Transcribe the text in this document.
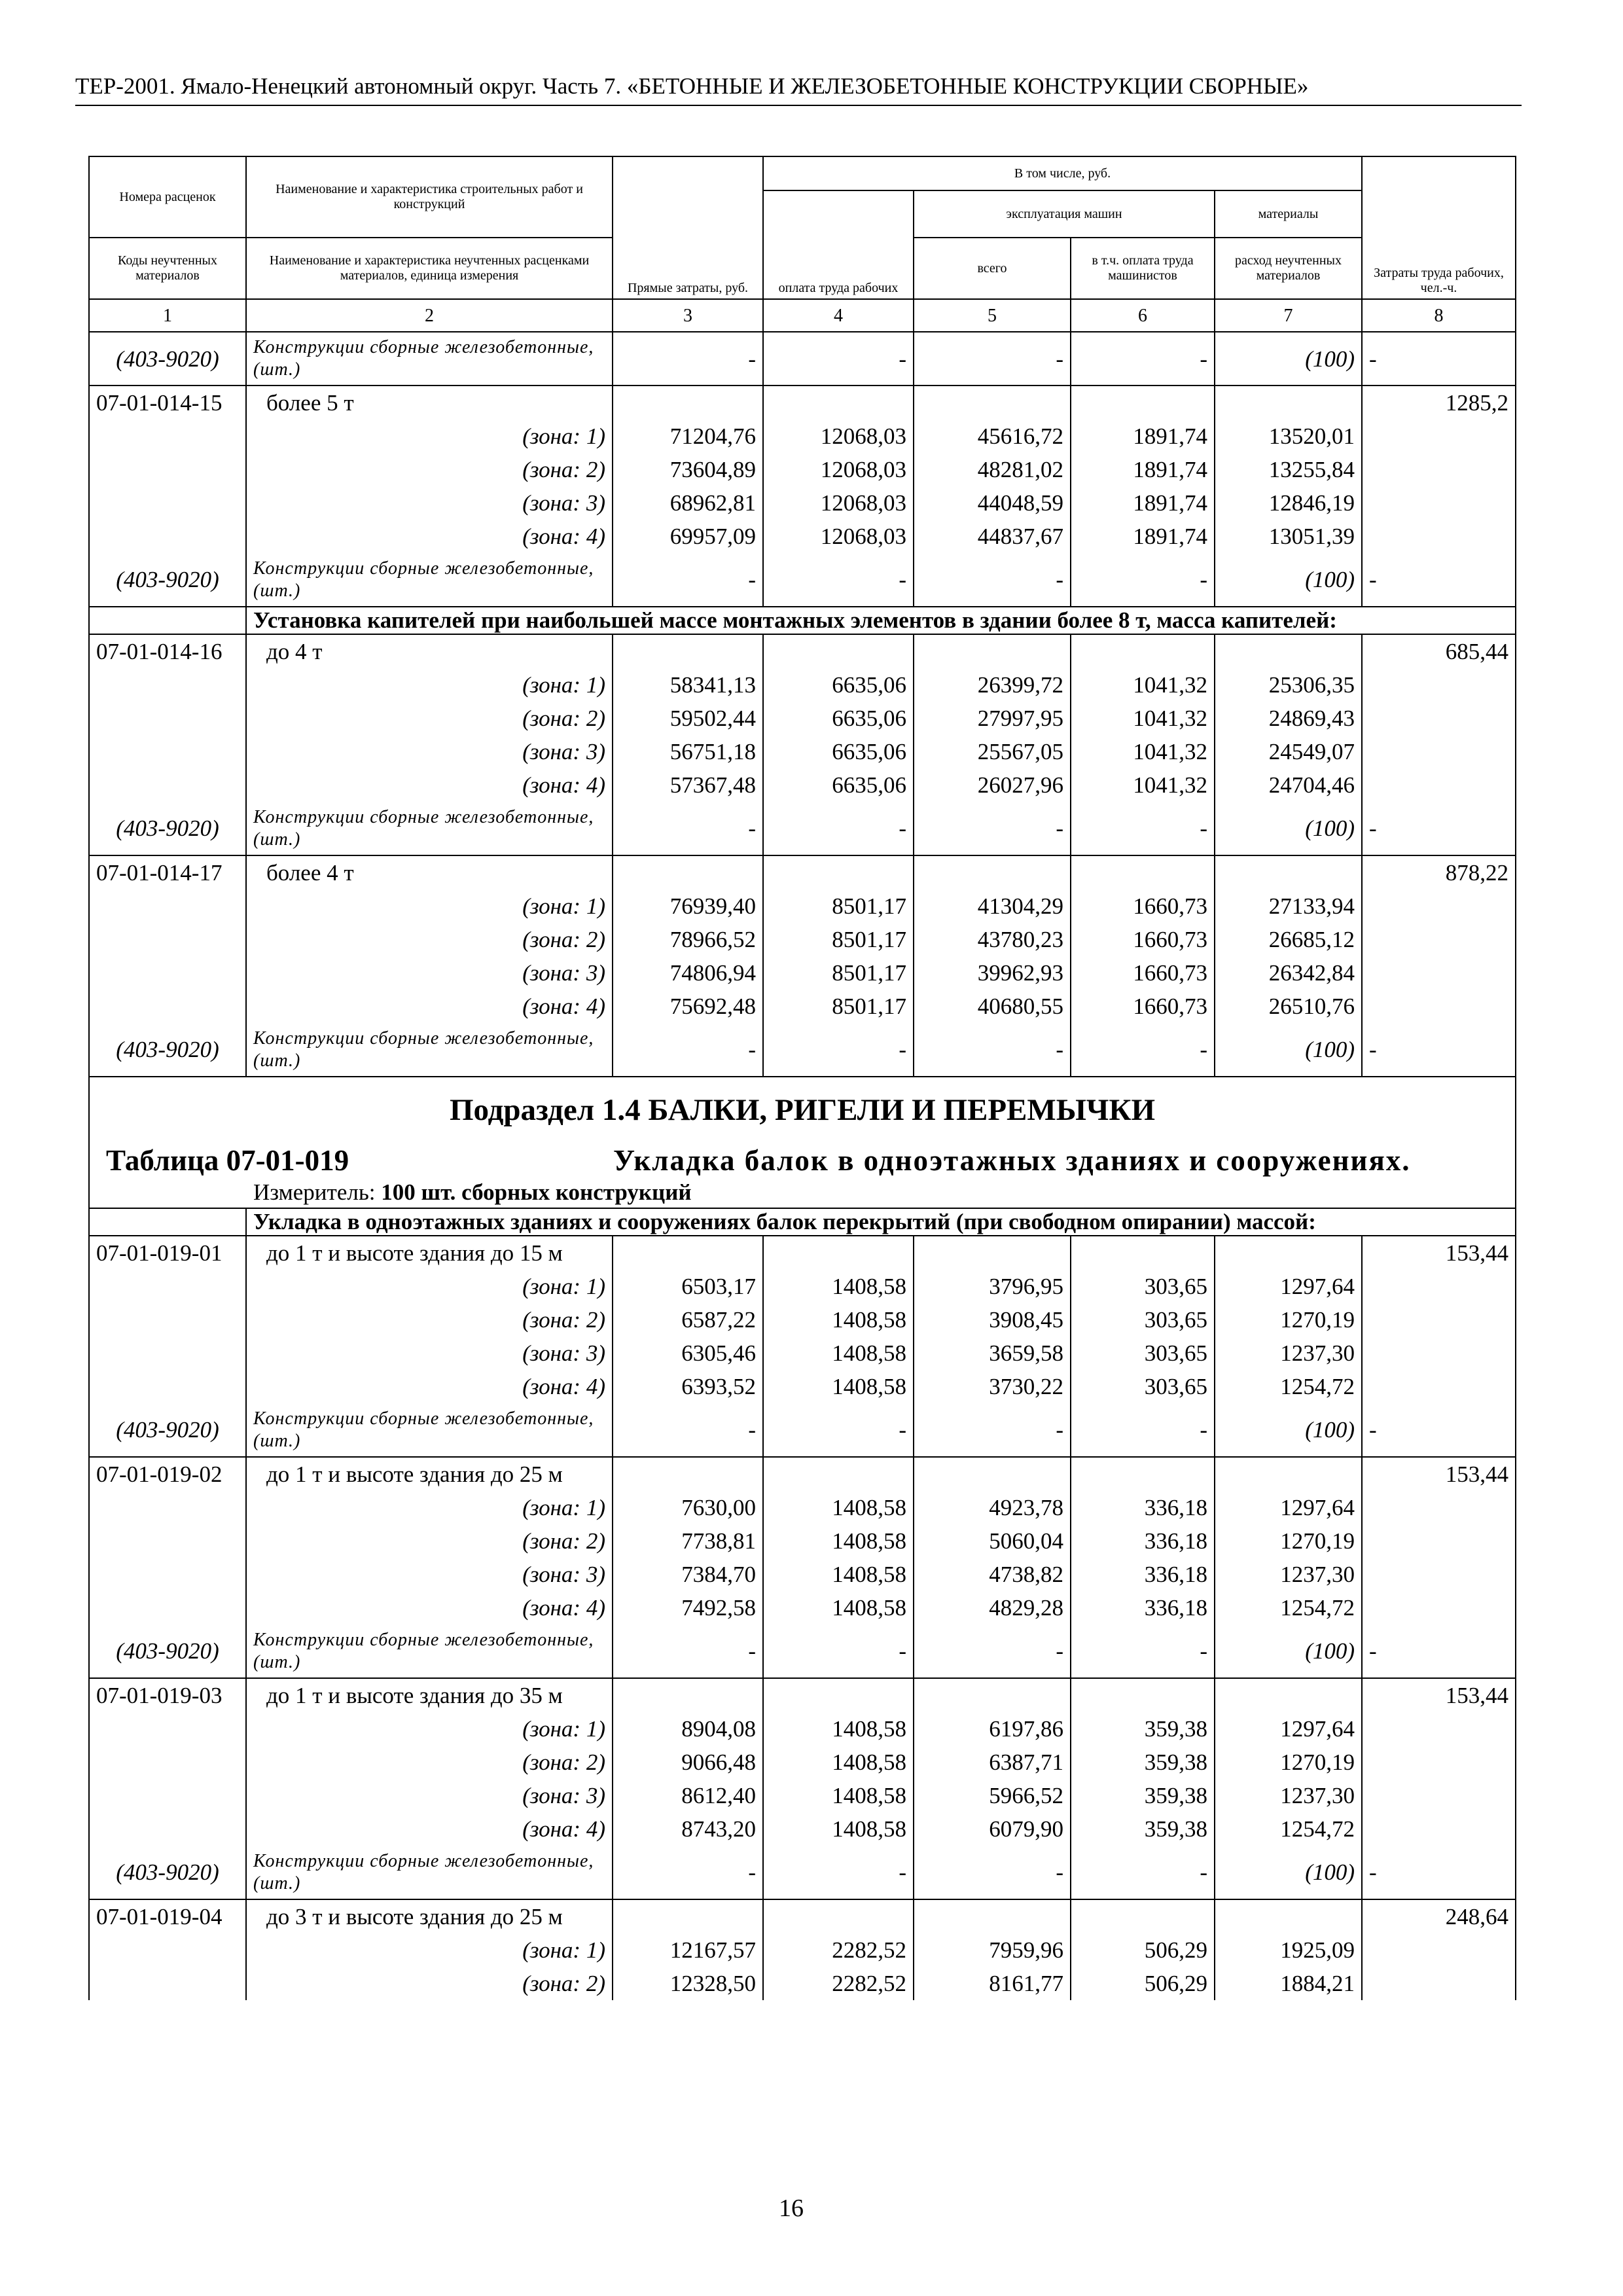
ТЕР-2001. Ямало-Ненецкий автономный округ. Часть 7. «БЕТОННЫЕ И ЖЕЛЕЗОБЕТОННЫЕ КОНСТРУКЦИИ СБОРНЫЕ»
Номера расценок	Наименование и характеристика строительных работ и конструкций	Прямые затраты, руб.	В том числе, руб.				Затраты труда рабочих, чел.-ч.
			оплата труда рабочих	эксплуатация машин		материалы	
Коды неучтенных материалов	Наименование и характеристика неучтенных расценками материалов, единица измерения			всего	в т.ч. оплата труда машинистов	расход неучтенных материалов	
1	2	3	4	5	6	7	8
(403-9020)	Конструкции сборные железобетонные, (шт.)	-	-	-	-	(100)	-
07-01-014-15	более 5 т						1285,2
	(зона: 1)	71204,76	12068,03	45616,72	1891,74	13520,01	
	(зона: 2)	73604,89	12068,03	48281,02	1891,74	13255,84	
	(зона: 3)	68962,81	12068,03	44048,59	1891,74	12846,19	
	(зона: 4)	69957,09	12068,03	44837,67	1891,74	13051,39	
(403-9020)	Конструкции сборные железобетонные, (шт.)	-	-	-	-	(100)	-
	Установка капителей при наибольшей массе монтажных элементов в здании более 8 т, масса капителей:						
07-01-014-16	до 4 т						685,44
	(зона: 1)	58341,13	6635,06	26399,72	1041,32	25306,35	
	(зона: 2)	59502,44	6635,06	27997,95	1041,32	24869,43	
	(зона: 3)	56751,18	6635,06	25567,05	1041,32	24549,07	
	(зона: 4)	57367,48	6635,06	26027,96	1041,32	24704,46	
(403-9020)	Конструкции сборные железобетонные, (шт.)	-	-	-	-	(100)	-
07-01-014-17	более 4 т						878,22
	(зона: 1)	76939,40	8501,17	41304,29	1660,73	27133,94	
	(зона: 2)	78966,52	8501,17	43780,23	1660,73	26685,12	
	(зона: 3)	74806,94	8501,17	39962,93	1660,73	26342,84	
	(зона: 4)	75692,48	8501,17	40680,55	1660,73	26510,76	
(403-9020)	Конструкции сборные железобетонные, (шт.)	-	-	-	-	(100)	-

Подраздел 1.4 БАЛКИ, РИГЕЛИ И ПЕРЕМЫЧКИ
Таблица 07-01-019 Укладка балок в одноэтажных зданиях и сооружениях.
Измеритель: 100 шт. сборных конструкций							

	Укладка в одноэтажных зданиях и сооружениях балок перекрытий (при свободном опирании) массой:						
07-01-019-01	до 1 т и высоте здания до 15 м						153,44
	(зона: 1)	6503,17	1408,58	3796,95	303,65	1297,64	
	(зона: 2)	6587,22	1408,58	3908,45	303,65	1270,19	
	(зона: 3)	6305,46	1408,58	3659,58	303,65	1237,30	
	(зона: 4)	6393,52	1408,58	3730,22	303,65	1254,72	
(403-9020)	Конструкции сборные железобетонные, (шт.)	-	-	-	-	(100)	-
07-01-019-02	до 1 т и высоте здания до 25 м						153,44
	(зона: 1)	7630,00	1408,58	4923,78	336,18	1297,64	
	(зона: 2)	7738,81	1408,58	5060,04	336,18	1270,19	
	(зона: 3)	7384,70	1408,58	4738,82	336,18	1237,30	
	(зона: 4)	7492,58	1408,58	4829,28	336,18	1254,72	
(403-9020)	Конструкции сборные железобетонные, (шт.)	-	-	-	-	(100)	-
07-01-019-03	до 1 т и высоте здания до 35 м						153,44
	(зона: 1)	8904,08	1408,58	6197,86	359,38	1297,64	
	(зона: 2)	9066,48	1408,58	6387,71	359,38	1270,19	
	(зона: 3)	8612,40	1408,58	5966,52	359,38	1237,30	
	(зона: 4)	8743,20	1408,58	6079,90	359,38	1254,72	
(403-9020)	Конструкции сборные железобетонные, (шт.)	-	-	-	-	(100)	-
07-01-019-04	до 3 т и высоте здания до 25 м						248,64
	(зона: 1)	12167,57	2282,52	7959,96	506,29	1925,09	
	(зона: 2)	12328,50	2282,52	8161,77	506,29	1884,21	
16
